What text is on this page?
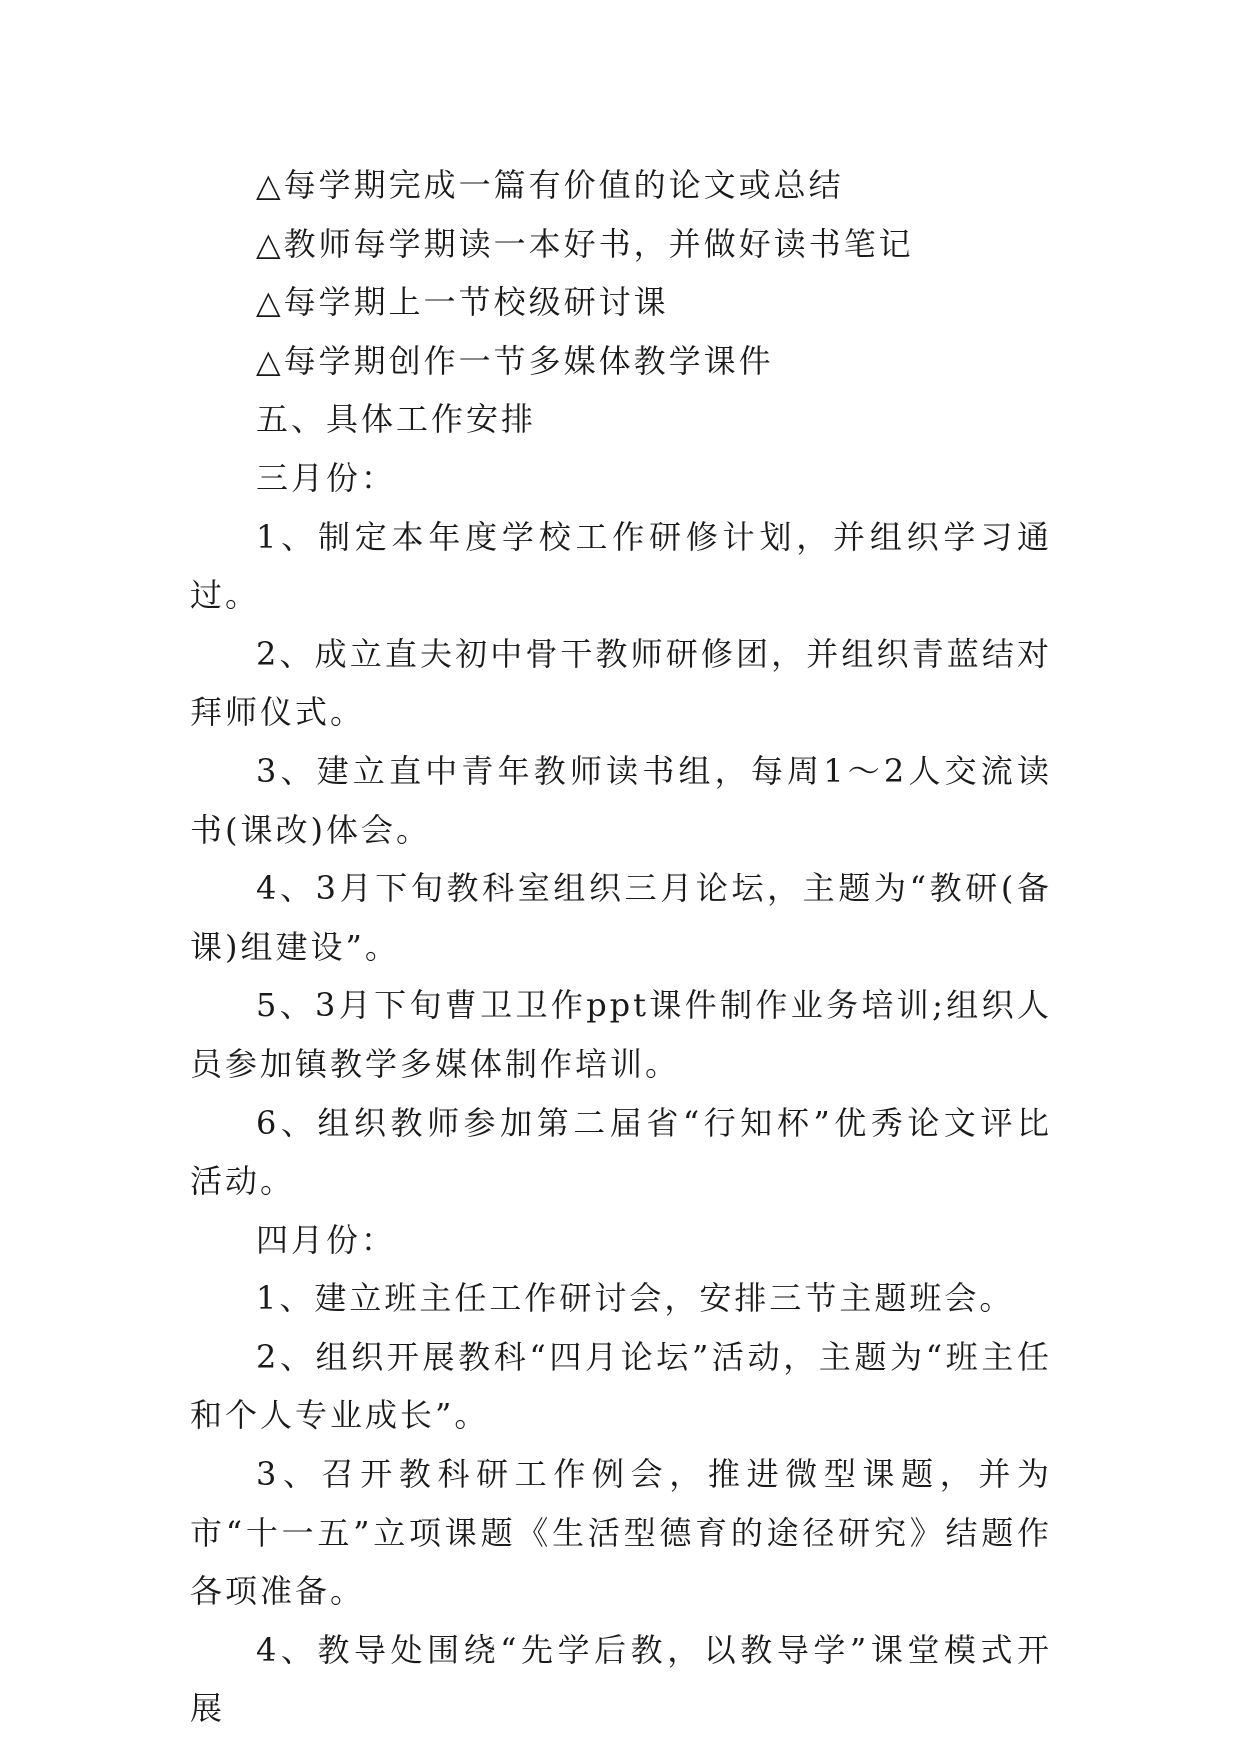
△每学期完成一篇有价值的论文或总结

△教师每学期读一本好书，并做好读书笔记

△每学期上一节校级研讨课

△每学期创作一节多媒体教学课件

五、具体工作安排

三月份：

1、制定本年度学校工作研修计划，并组织学习通过。

2、成立直夫初中骨干教师研修团，并组织青蓝结对拜师仪式。

3、建立直中青年教师读书组，每周1～2人交流读书(课改)体会。

4、3月下旬教科室组织三月论坛，主题为“教研(备课)组建设”。

5、3月下旬曹卫卫作ppt课件制作业务培训;组织人员参加镇教学多媒体制作培训。

6、组织教师参加第二届省“行知杯”优秀论文评比活动。

四月份：

1、建立班主任工作研讨会，安排三节主题班会。

2、组织开展教科“四月论坛”活动，主题为“班主任和个人专业成长”。

3、召开教科研工作例会，推进微型课题，并为市“十一五”立项课题《生活型德育的途径研究》结题作各项准备。

4、教导处围绕“先学后教，以教导学”课堂模式开展
